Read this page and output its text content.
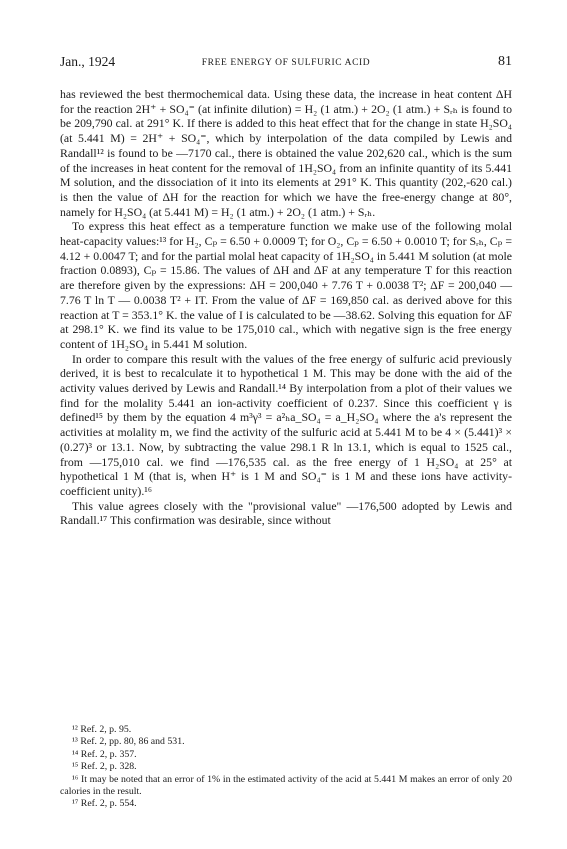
Jan., 1924	FREE ENERGY OF SULFURIC ACID	81

has reviewed the best thermochemical data. Using these data, the increase in heat content ΔH for the reaction 2H⁺ + SO₄⁼ (at infinite dilution) = H₂ (1 atm.) + 2O₂ (1 atm.) + Sᵣₕ is found to be 209,790 cal. at 291° K. If there is added to this heat effect that for the change in state H₂SO₄ (at 5.441 M) = 2H⁺ + SO₄⁼, which by interpolation of the data compiled by Lewis and Randall¹² is found to be —7170 cal., there is obtained the value 202,620 cal., which is the sum of the increases in heat content for the removal of 1H₂SO₄ from an infinite quantity of its 5.441 M solution, and the dissociation of it into its elements at 291° K. This quantity (202,-620 cal.) is then the value of ΔH for the reaction for which we have the free-energy change at 80°, namely for H₂SO₄ (at 5.441 M) = H₂ (1 atm.) + 2O₂ (1 atm.) + Sᵣₕ.

To express this heat effect as a temperature function we make use of the following molal heat-capacity values:¹³ for H₂, Cₚ = 6.50 + 0.0009 T; for O₂, Cₚ = 6.50 + 0.0010 T; for Sᵣₕ, Cₚ = 4.12 + 0.0047 T; and for the partial molal heat capacity of 1H₂SO₄ in 5.441 M solution (at mole fraction 0.0893), Cₚ = 15.86. The values of ΔH and ΔF at any temperature T for this reaction are therefore given by the expressions: ΔH = 200,040 + 7.76 T + 0.0038 T²; ΔF = 200,040 — 7.76 T ln T — 0.0038 T² + IT. From the value of ΔF = 169,850 cal. as derived above for this reaction at T = 353.1° K. the value of I is calculated to be —38.62. Solving this equation for ΔF at 298.1° K. we find its value to be 175,010 cal., which with negative sign is the free energy content of 1H₂SO₄ in 5.441 M solution.

In order to compare this result with the values of the free energy of sulfuric acid previously derived, it is best to recalculate it to hypothetical 1 M. This may be done with the aid of the activity values derived by Lewis and Randall.¹⁴ By interpolation from a plot of their values we find for the molality 5.441 an ion-activity coefficient of 0.237. Since this coefficient γ is defined¹⁵ by them by the equation 4 m³γ³ = a²ₕa_SO₄ = a_H₂SO₄ where the a's represent the activities at molality m, we find the activity of the sulfuric acid at 5.441 M to be 4 × (5.441)³ × (0.27)³ or 13.1. Now, by subtracting the value 298.1 R ln 13.1, which is equal to 1525 cal., from —175,010 cal. we find —176,535 cal. as the free energy of 1 H₂SO₄ at 25° at hypothetical 1 M (that is, when H⁺ is 1 M and SO₄⁼ is 1 M and these ions have activity-coefficient unity).¹⁶

This value agrees closely with the "provisional value" —176,500 adopted by Lewis and Randall.¹⁷ This confirmation was desirable, since without

¹² Ref. 2, p. 95.

¹³ Ref. 2, pp. 80, 86 and 531.

¹⁴ Ref. 2, p. 357.

¹⁵ Ref. 2, p. 328.

¹⁶ It may be noted that an error of 1% in the estimated activity of the acid at 5.441 M makes an error of only 20 calories in the result.

¹⁷ Ref. 2, p. 554.
